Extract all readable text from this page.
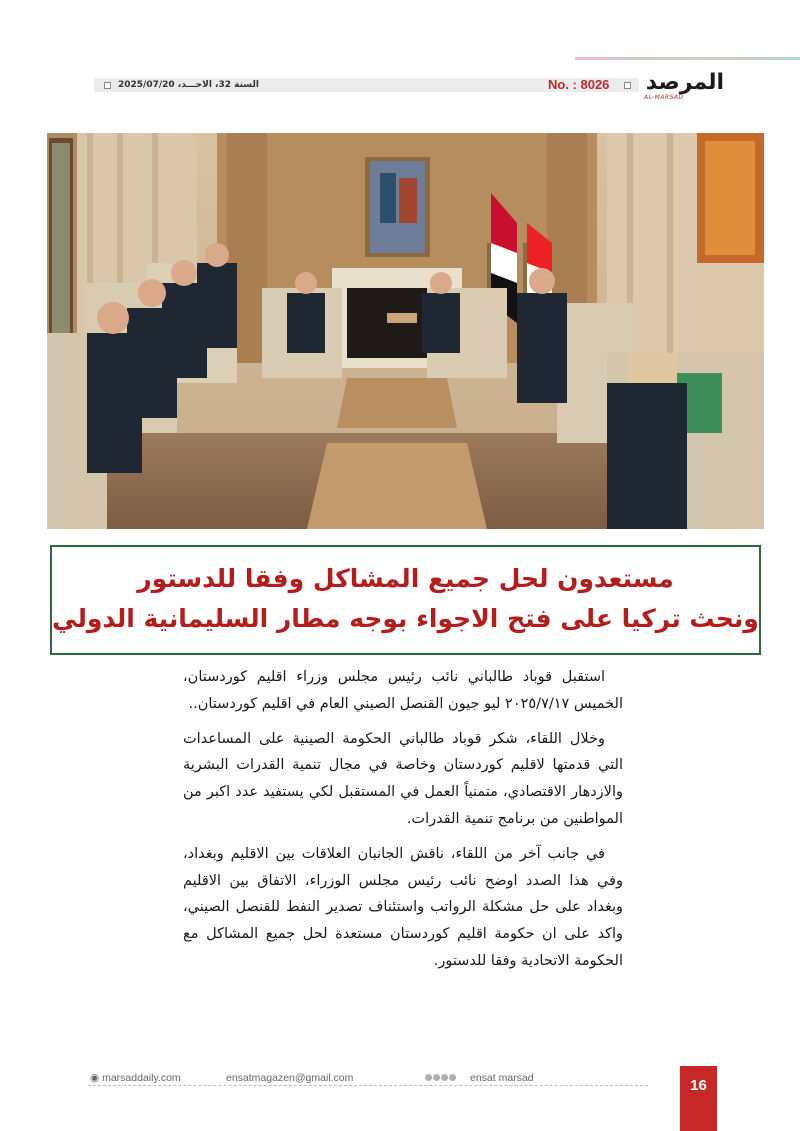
السنة 32، الاحـــد، 2025/07/20	No. : 8026 المرصد
AL-MARSAD
مستعدون لحل جميع المشاكل وفقا للدستور
ونحث تركيا على فتح الاجواء بوجه مطار السليمانية الدولي

استقبل قوباد طالباني نائب رئيس مجلس وزراء اقليم كوردستان، الخميس ٢٠٢٥/٧/١٧ ليو جيون القنصل الصيني العام في اقليم كوردستان..

وخلال اللقاء، شكر قوباد طالباني الحكومة الصينية على المساعدات التي قدمتها لاقليم كوردستان وخاصة في مجال تنمية القدرات البشرية والازدهار الاقتصادي، متمنياً العمل في المستقبل لكي يستفيد عدد اكبر من المواطنين من برنامج تنمية القدرات.

في جانب آخر من اللقاء، ناقش الجانبان العلاقات بين الاقليم وبغداد، وفي هذا الصدد اوضح نائب رئيس مجلس الوزراء، الاتفاق بين الاقليم وبغداد على حل مشكلة الرواتب واستئناف تصدير النفط للقنصل الصيني، واكد على ان حكومة اقليم كوردستان مستعدة لحل جميع المشاكل مع الحكومة الاتحادية وفقا للدستور.

◉ marsaddaily.com	ensatmagazen@gmail.com	ensat marsad	16
